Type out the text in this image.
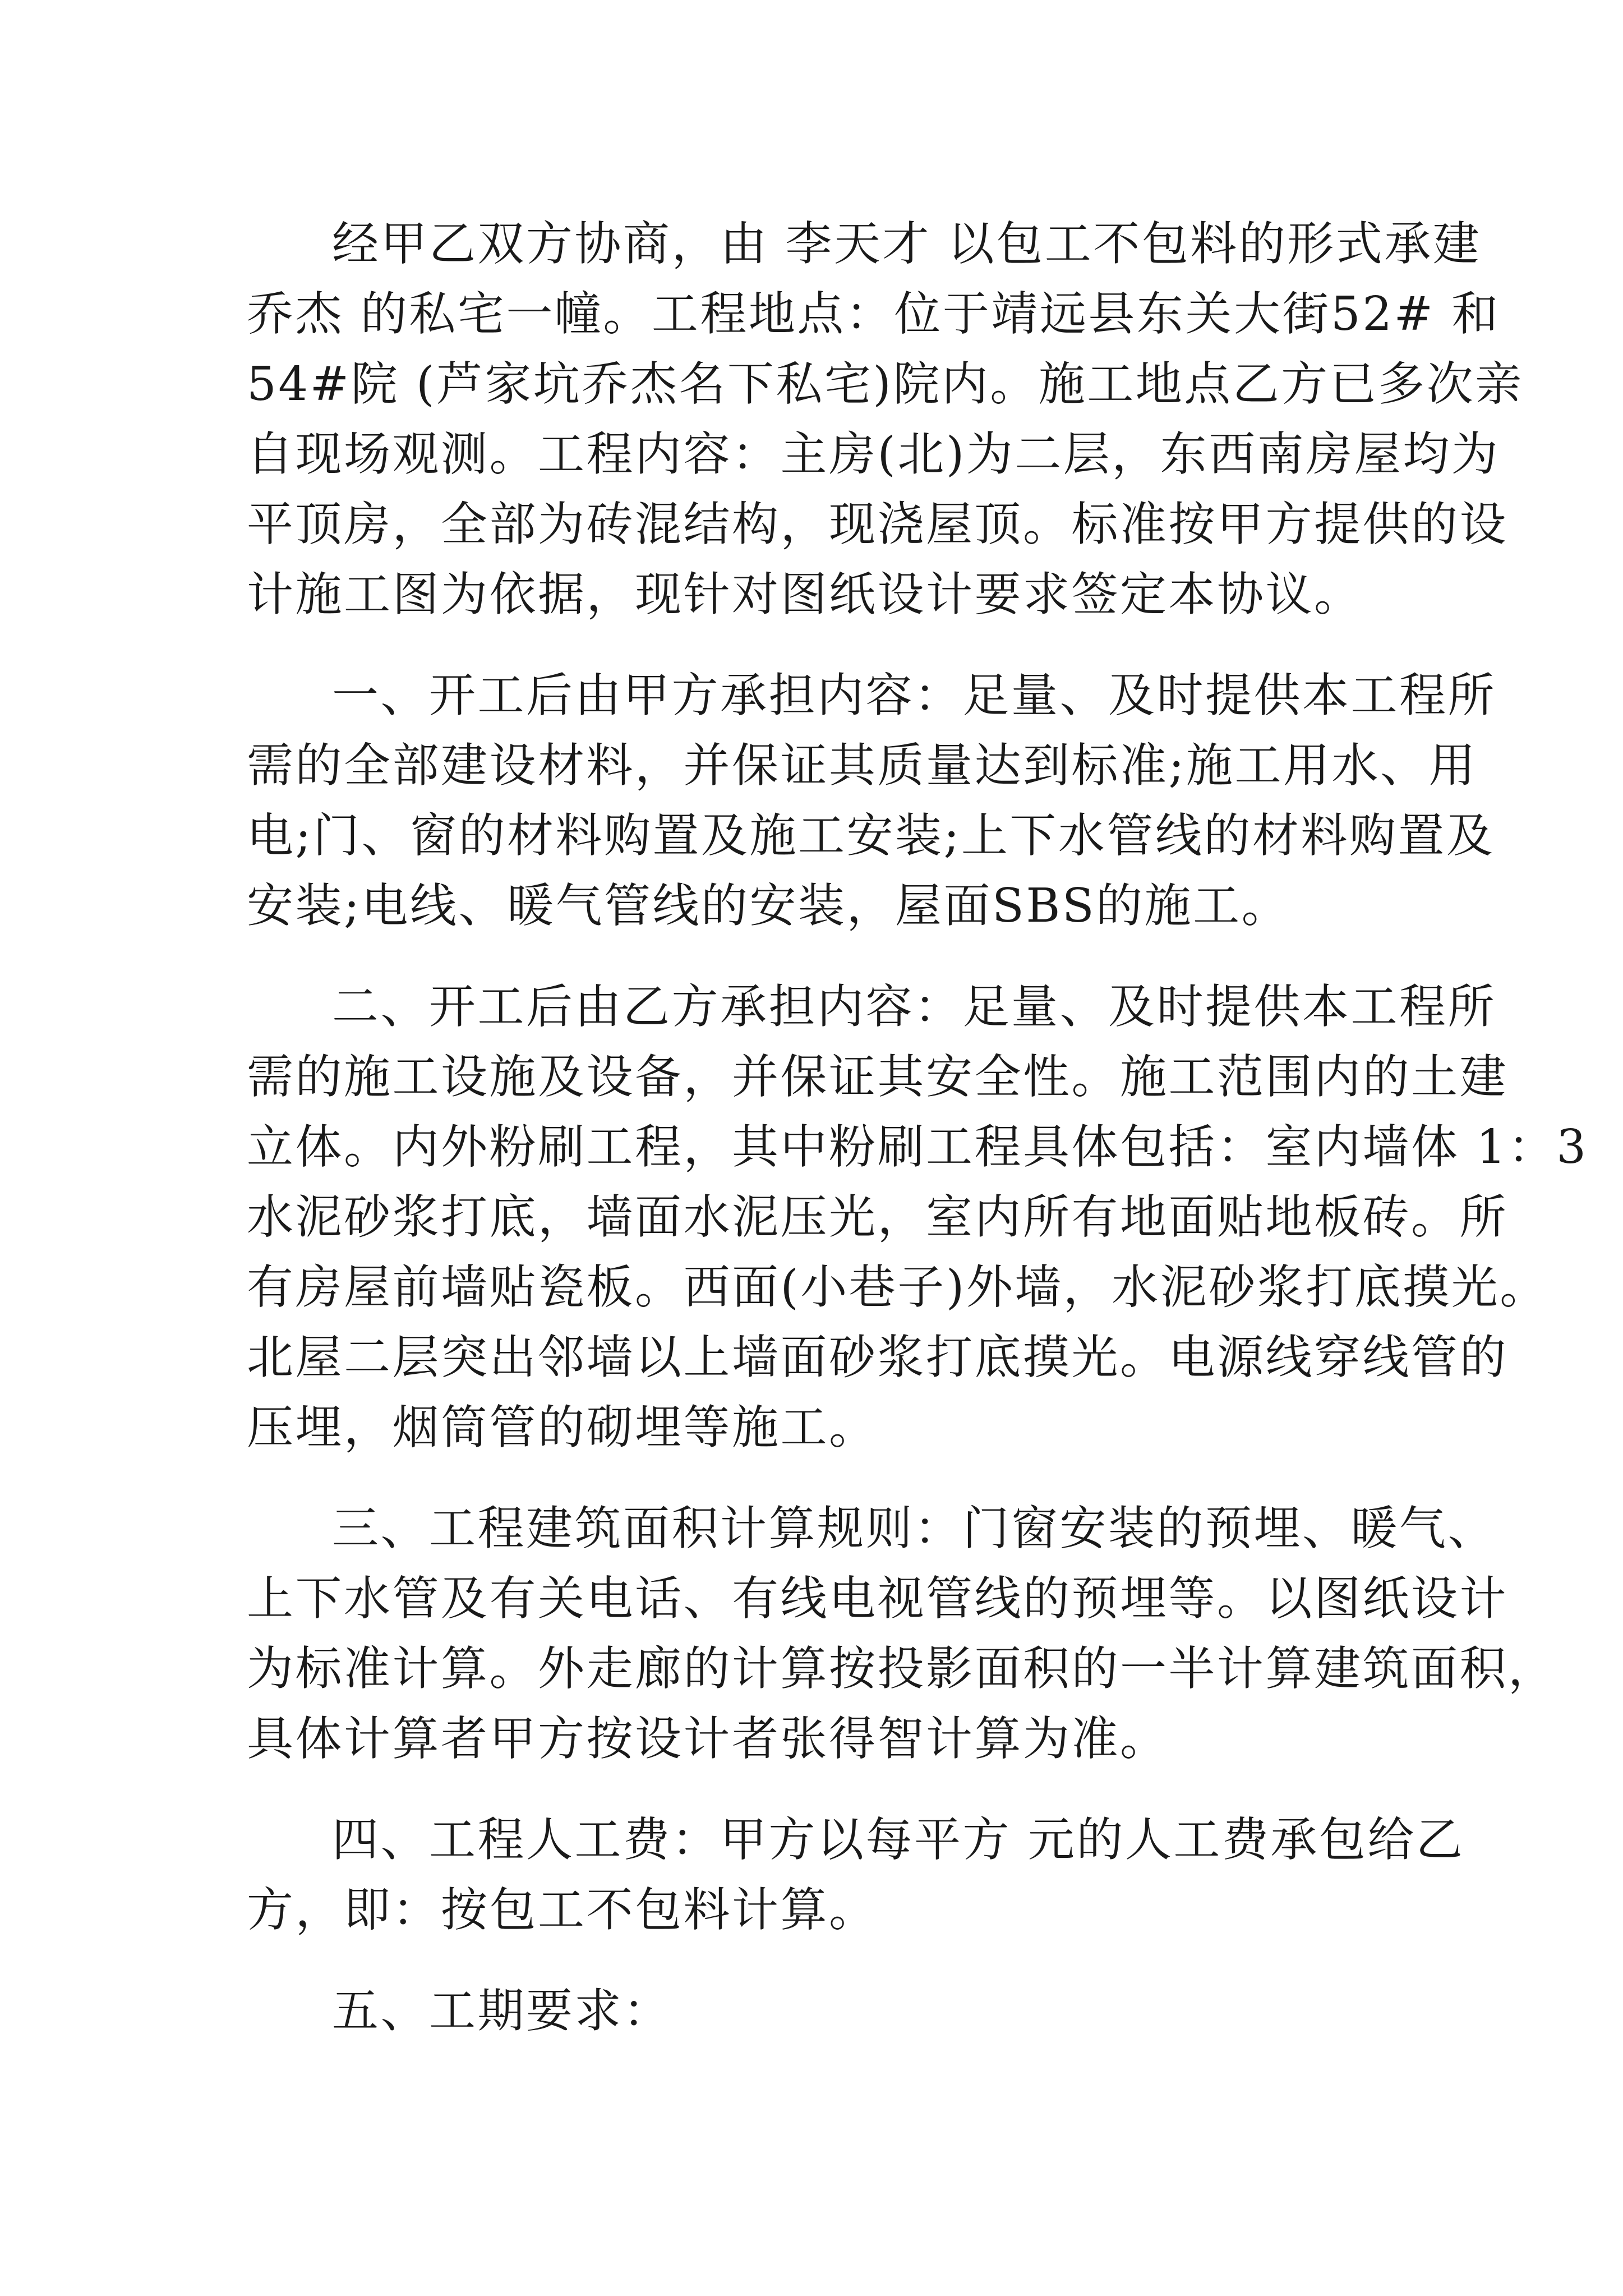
经甲乙双方协商，由 李天才 以包工不包料的形式承建
乔杰 的私宅一幢。工程地点：位于靖远县东关大街52# 和
54#院 (芦家坑乔杰名下私宅)院内。施工地点乙方已多次亲
自现场观测。工程内容：主房(北)为二层，东西南房屋均为
平顶房，全部为砖混结构，现浇屋顶。标准按甲方提供的设
计施工图为依据，现针对图纸设计要求签定本协议。
一、开工后由甲方承担内容：足量、及时提供本工程所
需的全部建设材料，并保证其质量达到标准;施工用水、用
电;门、窗的材料购置及施工安装;上下水管线的材料购置及
安装;电线、暖气管线的安装，屋面SBS的施工。
二、开工后由乙方承担内容：足量、及时提供本工程所
需的施工设施及设备，并保证其安全性。施工范围内的土建
立体。内外粉刷工程，其中粉刷工程具体包括：室内墙体 1：3
水泥砂浆打底，墙面水泥压光，室内所有地面贴地板砖。所
有房屋前墙贴瓷板。西面(小巷子)外墙，水泥砂浆打底摸光。
北屋二层突出邻墙以上墙面砂浆打底摸光。电源线穿线管的
压埋，烟筒管的砌埋等施工。
三、工程建筑面积计算规则：门窗安装的预埋、暖气、
上下水管及有关电话、有线电视管线的预埋等。以图纸设计
为标准计算。外走廊的计算按投影面积的一半计算建筑面积，
具体计算者甲方按设计者张得智计算为准。
四、工程人工费：甲方以每平方 元的人工费承包给乙
方，即：按包工不包料计算。
五、工期要求：
